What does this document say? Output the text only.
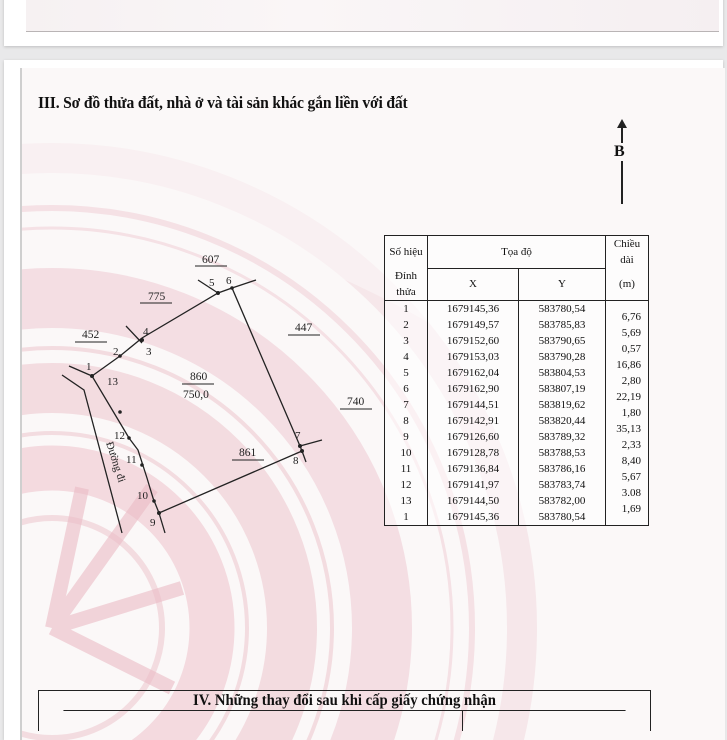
III. Sơ đồ thửa đất, nhà ở và tài sản khác gắn liền với đất
B
1
2	3
4
5 6
7
8
9
10
11
12
13	860
750,0
607
775
452
447
740
861
Đường đi
Số hiệu	Tọa độ		Chiều dài
Đỉnh thửa	X	Y	(m)
1	1679145,36	583780,54	6,76

2	1679149,57	583785,83	5,69

3	1679152,60	583790,65	0,57

4	1679153,03	583790,28	16,86

5	1679162,04	583804,53	2,80

6	1679162,90	583807,19	22,19

7	1679144,51	583819,62	1,80

8	1679142,91	583820,44	35,13

9	1679126,60	583789,32	2,33

10	1679128,78	583788,53	8,40

11	1679136,84	583786,16	5,67

12	1679141,97	583783,74	3.08

13	1679144,50	583782,00	1,69

1	1679145,36	583780,54	
IV. Những thay đổi sau khi cấp giấy chứng nhận
